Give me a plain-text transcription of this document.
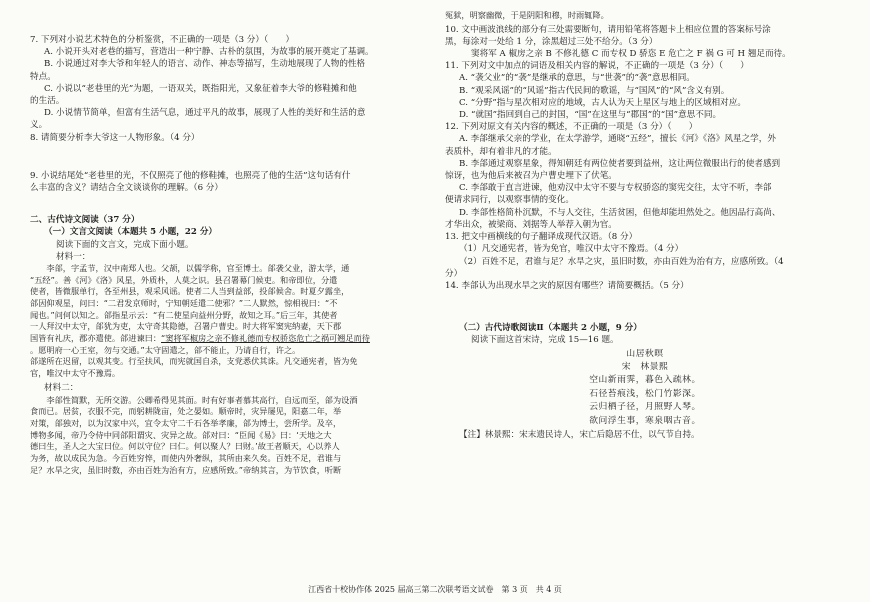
7. 下列对小说艺术特色的分析鉴赏，不正确的一项是（3 分）（　　）

A. 小说开头对老巷的描写，营造出一种宁静、古朴的氛围，为故事的展开奠定了基调。

B. 小说通过对李大爷和年轻人的语言、动作、神态等描写，生动地展现了人物的性格

特点。

C. 小说以“老巷里的光”为题，一语双关，既指阳光，又象征着李大爷的修鞋摊和他

的生活。

D. 小说情节简单，但富有生活气息，通过平凡的故事，展现了人性的美好和生活的意

义。

8. 请简要分析李大爷这一人物形象。（4 分）

9. 小说结尾处“老巷里的光，不仅照亮了他的修鞋摊，也照亮了他的生活”这句话有什

么丰富的含义？请结合全文谈谈你的理解。（6 分）

二、古代诗文阅读（37 分）

（一）文言文阅读（本题共 5 小题，22 分）

阅读下面的文言文，完成下面小题。

材料一：

李郃，字孟节，汉中南郑人也。父颉，以儒学称，官至博士。郃袭父业，游太学，通

“五经”。善《河》《洛》风星，外质朴，人莫之识。县召署幕门候吏。和帝即位，分遣

使者，皆微服单行，各至州县，观采风谣。使者二人当到益部，投郃候舍。时夏夕露坐，

郃因仰观星，问曰：“二君发京师时，宁知朝廷遣二使邪？”二人默然，惊相视曰：“不

闻也。”问何以知之。郃指星示云：“有二使星向益州分野，故知之耳。”后三年，其使者

一人拜汉中太守，郃犹为吏，太守奇其隐德，召署户曹史。时大将军窦宪纳妻，天下郡

国皆有礼庆，郡亦遣使。郃进谏曰：“窦将军椒房之亲不修礼德而专权骄恣危亡之祸可翘足而待

。愿明府一心王室，勿与交通。”太守固遣之，郃不能止，乃请自行，许之。

郃遂所在迟留，以观其变。行至扶风，而宪就国自杀，支党悉伏其诛。凡交通宪者，皆为免

官，唯汉中太守不豫焉。

材料二：

李郃性简默，无所交游。公卿希得见其面。时有好事者慕其高行，自远而至，郃为设酒

食而已。居贫，衣服不完，而躬耕陇亩，处之晏如。顺帝时，灾异屡见，阳嘉二年，举

对策，郃独对，以为汉家中兴，宜令太守二千石各举孝廉，郃为博士，尝所学。及卒，

博物多闻，帝乃令侍中同郃阳谓灾、灾异之故。郃对曰：“臣闻《易》曰：‘天地之大

德曰生，圣人之大宝曰位。何以守位？曰仁。何以聚人？曰财。’故王者顺天，心以养人

为务，故以成民为急。今百姓穷悴，而使内外奢纵，其所由来久矣。百姓不足，君谁与

足？水旱之灾，虽旧时数，亦由百姓为治有方，应感所致。”帝纳其言，为节饮食，听断

冤狱，明察幽微，于是阴阳和穆，时雨辄降。

10. 文中画波浪线的部分有三处需要断句，请用铅笔将答题卡上相应位置的答案标号涂

黑，每涂对一处给 1 分，涂黑超过三处不给分。（3 分）

窦将军 A 椒房之亲 B 不修礼德 C 而专权 D 骄恣 E 危亡之 F 祸 G 可 H 翘足而待。

11. 下列对文中加点的词语及相关内容的解说，不正确的一项是（3 分）（　　）

A. “袭父业”的“袭”是继承的意思，与“世袭”的“袭”意思相同。

B. “观采风谣”的“风谣”指古代民间的歌谣，与“国风”的“风”含义有别。

C. “分野”指与星次相对应的地域，古人认为天上星区与地上的区域相对应。

D. “就国”指回到自己的封国，“国”在这里与“郡国”的“国”意思不同。

12. 下列对原文有关内容的概述，不正确的一项是（3 分）（　　）

A. 李郃继承父亲的学业，在太学游学，通晓“五经”，擅长《河》《洛》风星之学，外

表质朴，却有着非凡的才能。

B. 李郃通过观察星象，得知朝廷有两位使者要到益州，这让两位微服出行的使者感到

惊讶，也为他后来被召为户曹史埋下了伏笔。

C. 李郃敢于直言进谏，他劝汉中太守不要与专权骄恣的窦宪交往，太守不听，李郃

便请求同行，以观察事情的变化。

D. 李郃性格简朴沉默，不与人交往，生活贫困，但他却能坦然处之。他因品行高尚、

才华出众，被梁商、刘据等人举荐入朝为官。

13. 把文中画横线的句子翻译成现代汉语。（8 分）

（1）凡交通宪者，皆为免官，唯汉中太守不豫焉。（4 分）

（2）百姓不足，君谁与足？水旱之灾，虽旧时数，亦由百姓为治有方，应感所致。（4

分）

14. 李郃认为出现水旱之灾的原因有哪些？请简要概括。（5 分）

（二）古代诗歌阅读Ⅱ（本题共 2 小题，9 分）

阅读下面这首宋诗，完成 15—16 题。

山居秋暝

宋　林景熙

空山新雨霁，暮色入疏林。

石径苔痕浅，松门竹影深。

云归栖子径，月照野人琴。

欲问浮生事，寒泉咽古音。

【注】林景熙：宋末遗民诗人，宋亡后隐居不仕，以气节自持。

江西省十校协作体 2025 届高三第二次联考语文试卷　第 3 页　共 4 页
